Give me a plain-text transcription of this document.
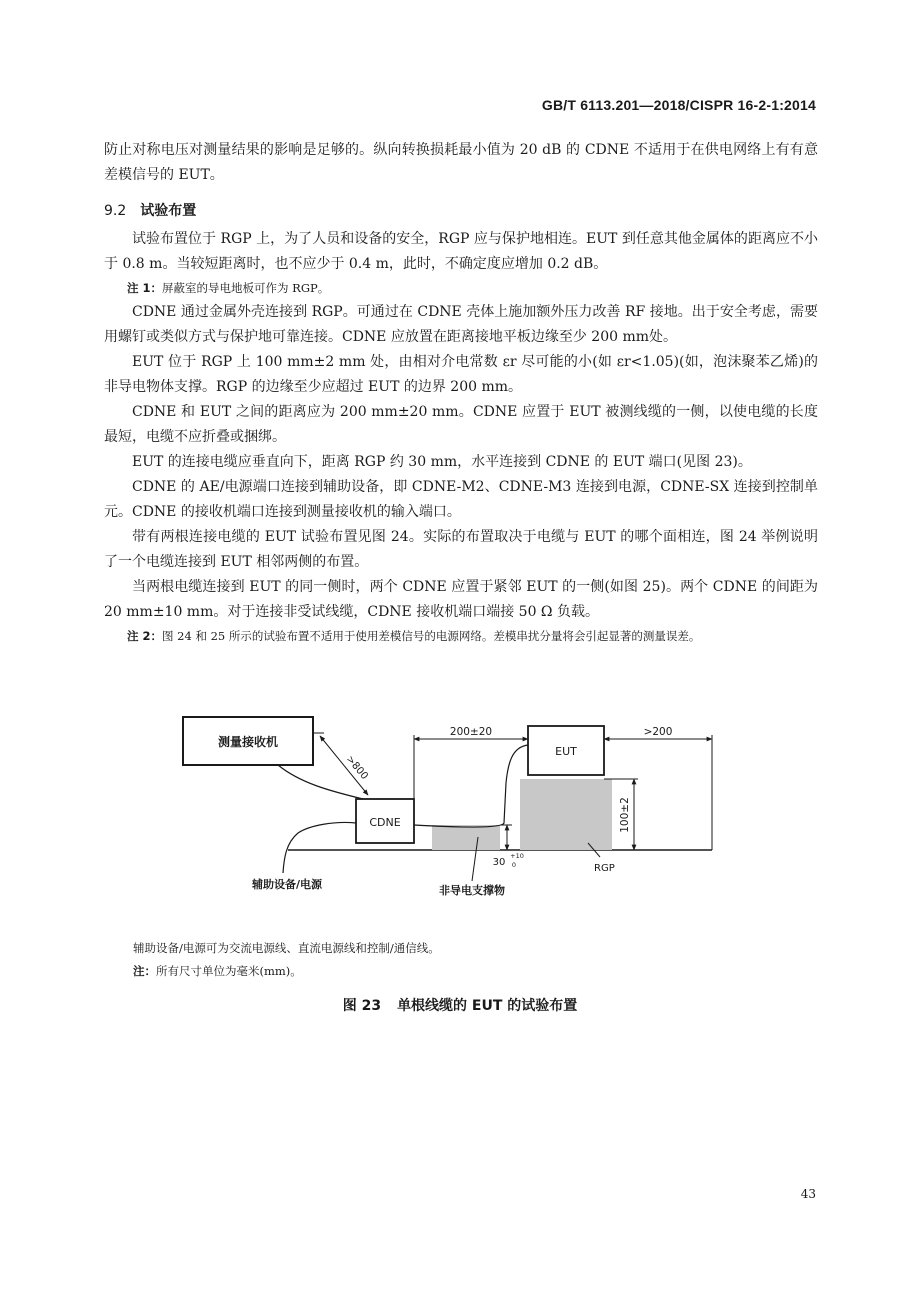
GB/T 6113.201—2018/CISPR 16-2-1:2014

防止对称电压对测量结果的影响是足够的。纵向转换损耗最小值为 20 dB 的 CDNE 不适用于在供电网络上有有意差模信号的 EUT。

9.2 试验布置

试验布置位于 RGP 上，为了人员和设备的安全，RGP 应与保护地相连。EUT 到任意其他金属体的距离应不小于 0.8 m。当较短距离时，也不应少于 0.4 m，此时，不确定度应增加 0.2 dB。

注 1：屏蔽室的导电地板可作为 RGP。

CDNE 通过金属外壳连接到 RGP。可通过在 CDNE 壳体上施加额外压力改善 RF 接地。出于安全考虑，需要用螺钉或类似方式与保护地可靠连接。CDNE 应放置在距离接地平板边缘至少 200 mm处。

EUT 位于 RGP 上 100 mm±2 mm 处，由相对介电常数 εr 尽可能的小(如 εr<1.05)(如，泡沫聚苯乙烯)的非导电物体支撑。RGP 的边缘至少应超过 EUT 的边界 200 mm。

CDNE 和 EUT 之间的距离应为 200 mm±20 mm。CDNE 应置于 EUT 被测线缆的一侧，以使电缆的长度最短，电缆不应折叠或捆绑。

EUT 的连接电缆应垂直向下，距离 RGP 约 30 mm，水平连接到 CDNE 的 EUT 端口(见图 23)。

CDNE 的 AE/电源端口连接到辅助设备，即 CDNE-M2、CDNE-M3 连接到电源，CDNE-SX 连接到控制单元。CDNE 的接收机端口连接到测量接收机的输入端口。

带有两根连接电缆的 EUT 试验布置见图 24。实际的布置取决于电缆与 EUT 的哪个面相连，图 24 举例说明了一个电缆连接到 EUT 相邻两侧的布置。

当两根电缆连接到 EUT 的同一侧时，两个 CDNE 应置于紧邻 EUT 的一侧(如图 25)。两个 CDNE 的间距为 20 mm±10 mm。对于连接非受试线缆，CDNE 接收机端口端接 50 Ω 负载。

注 2：图 24 和 25 所示的试验布置不适用于使用差模信号的电源网络。差模串扰分量将会引起显著的测量误差。

测量接收机
CDNE
EUT
>800
200±20	>200
100±2
30
+10
0	RGP
非导电支撑物
辅助设备/电源

辅助设备/电源可为交流电源线、直流电源线和控制/通信线。

注：所有尺寸单位为毫米(mm)。

图 23 单根线缆的 EUT 的试验布置
43
